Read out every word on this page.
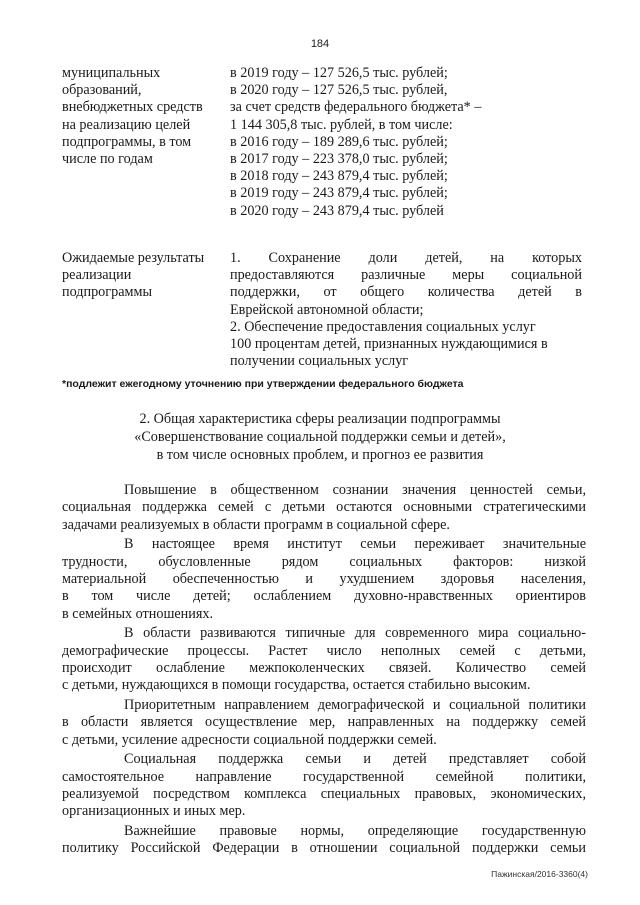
184
муниципальных
образований,
внебюджетных средств
на реализацию целей
подпрограммы, в том
числе по годам
в 2019 году – 127 526,5 тыс. рублей;
в 2020 году – 127 526,5 тыс. рублей,
за счет средств федерального бюджета* –
1 144 305,8 тыс. рублей, в том числе:
в 2016 году – 189 289,6 тыс. рублей;
в 2017 году – 223 378,0 тыс. рублей;
в 2018 году – 243 879,4 тыс. рублей;
в 2019 году – 243 879,4 тыс. рублей;
в 2020 году – 243 879,4 тыс. рублей
Ожидаемые результаты
реализации
подпрограммы
1. Сохранение доли детей, на которых
предоставляются различные меры социальной
поддержки, от общего количества детей в
Еврейской автономной области;
2. Обеспечение предоставления социальных услуг
100 процентам детей, признанных нуждающимися в
получении социальных услуг
*подлежит ежегодному уточнению при утверждении федерального бюджета
2. Общая характеристика сферы реализации подпрограммы
«Совершенствование социальной поддержки семьи и детей»,
в том числе основных проблем, и прогноз ее развития
Повышение в общественном сознании значения ценностей семьи,
социальная поддержка семей с детьми остаются основными стратегическими
задачами реализуемых в области программ в социальной сфере.
В настоящее время институт семьи переживает значительные
трудности, обусловленные рядом социальных факторов: низкой
материальной обеспеченностью и ухудшением здоровья населения,
в том числе детей; ослаблением духовно-нравственных ориентиров
в семейных отношениях.
В области развиваются типичные для современного мира социально-
демографические процессы. Растет число неполных семей с детьми,
происходит ослабление межпоколенческих связей. Количество семей
с детьми, нуждающихся в помощи государства, остается стабильно высоким.
Приоритетным направлением демографической и социальной политики
в области является осуществление мер, направленных на поддержку семей
с детьми, усиление адресности социальной поддержки семей.
Социальная поддержка семьи и детей представляет собой
самостоятельное направление государственной семейной политики,
реализуемой посредством комплекса специальных правовых, экономических,
организационных и иных мер.
Важнейшие правовые нормы, определяющие государственную
политику Российской Федерации в отношении социальной поддержки семьи
Пажинская/2016-3360(4)
